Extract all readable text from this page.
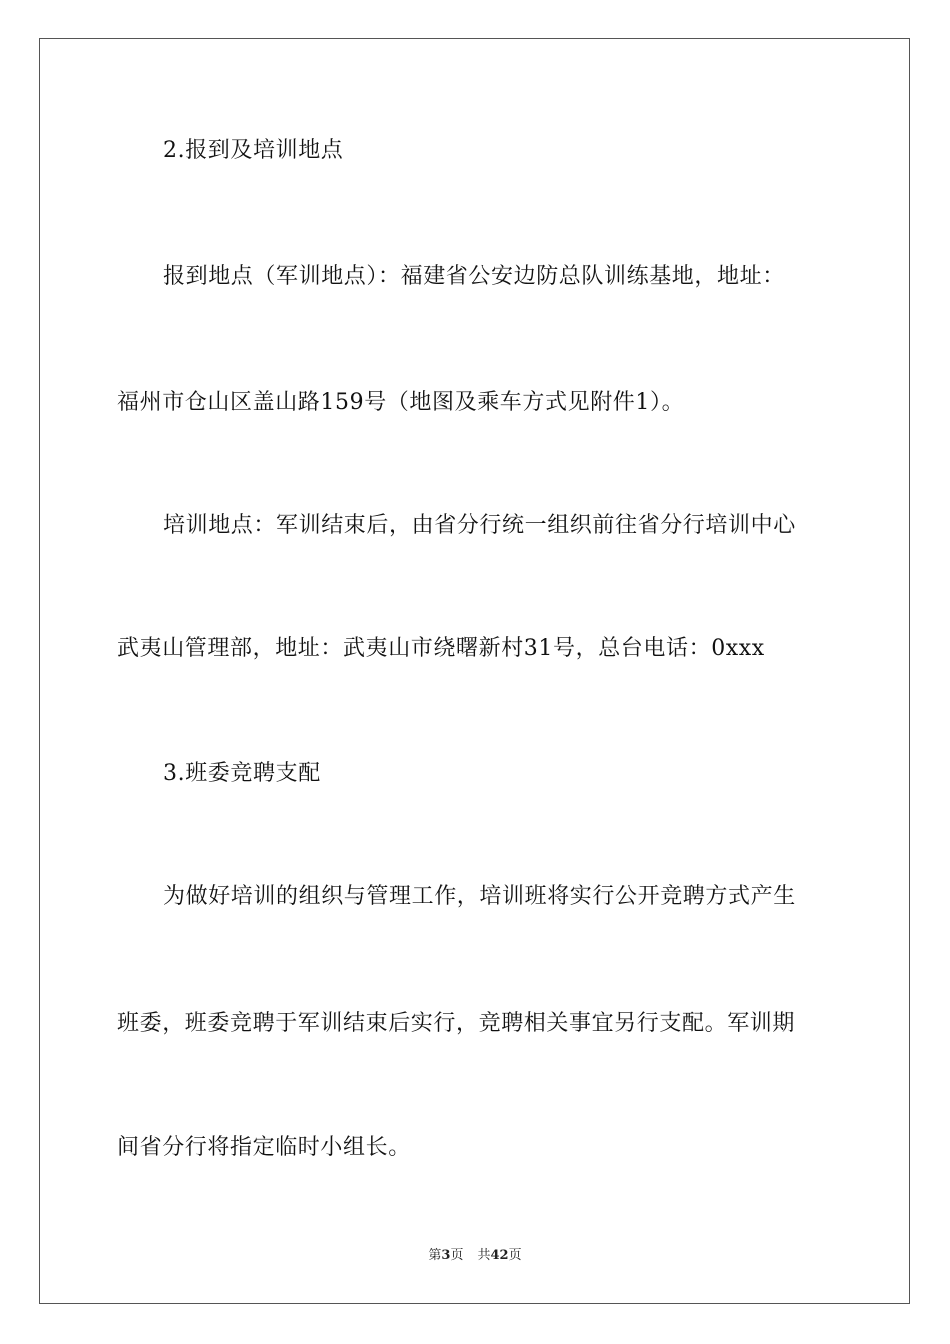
2.报到及培训地点
报到地点（军训地点）：福建省公安边防总队训练基地，地址：
福州市仓山区盖山路159号（地图及乘车方式见附件1）。
培训地点：军训结束后，由省分行统一组织前往省分行培训中心
武夷山管理部，地址：武夷山市绕曙新村31号，总台电话：0xxx
3.班委竞聘支配
为做好培训的组织与管理工作，培训班将实行公开竞聘方式产生
班委，班委竞聘于军训结束后实行，竞聘相关事宜另行支配。军训期
间省分行将指定临时小组长。
第3页 共42页
